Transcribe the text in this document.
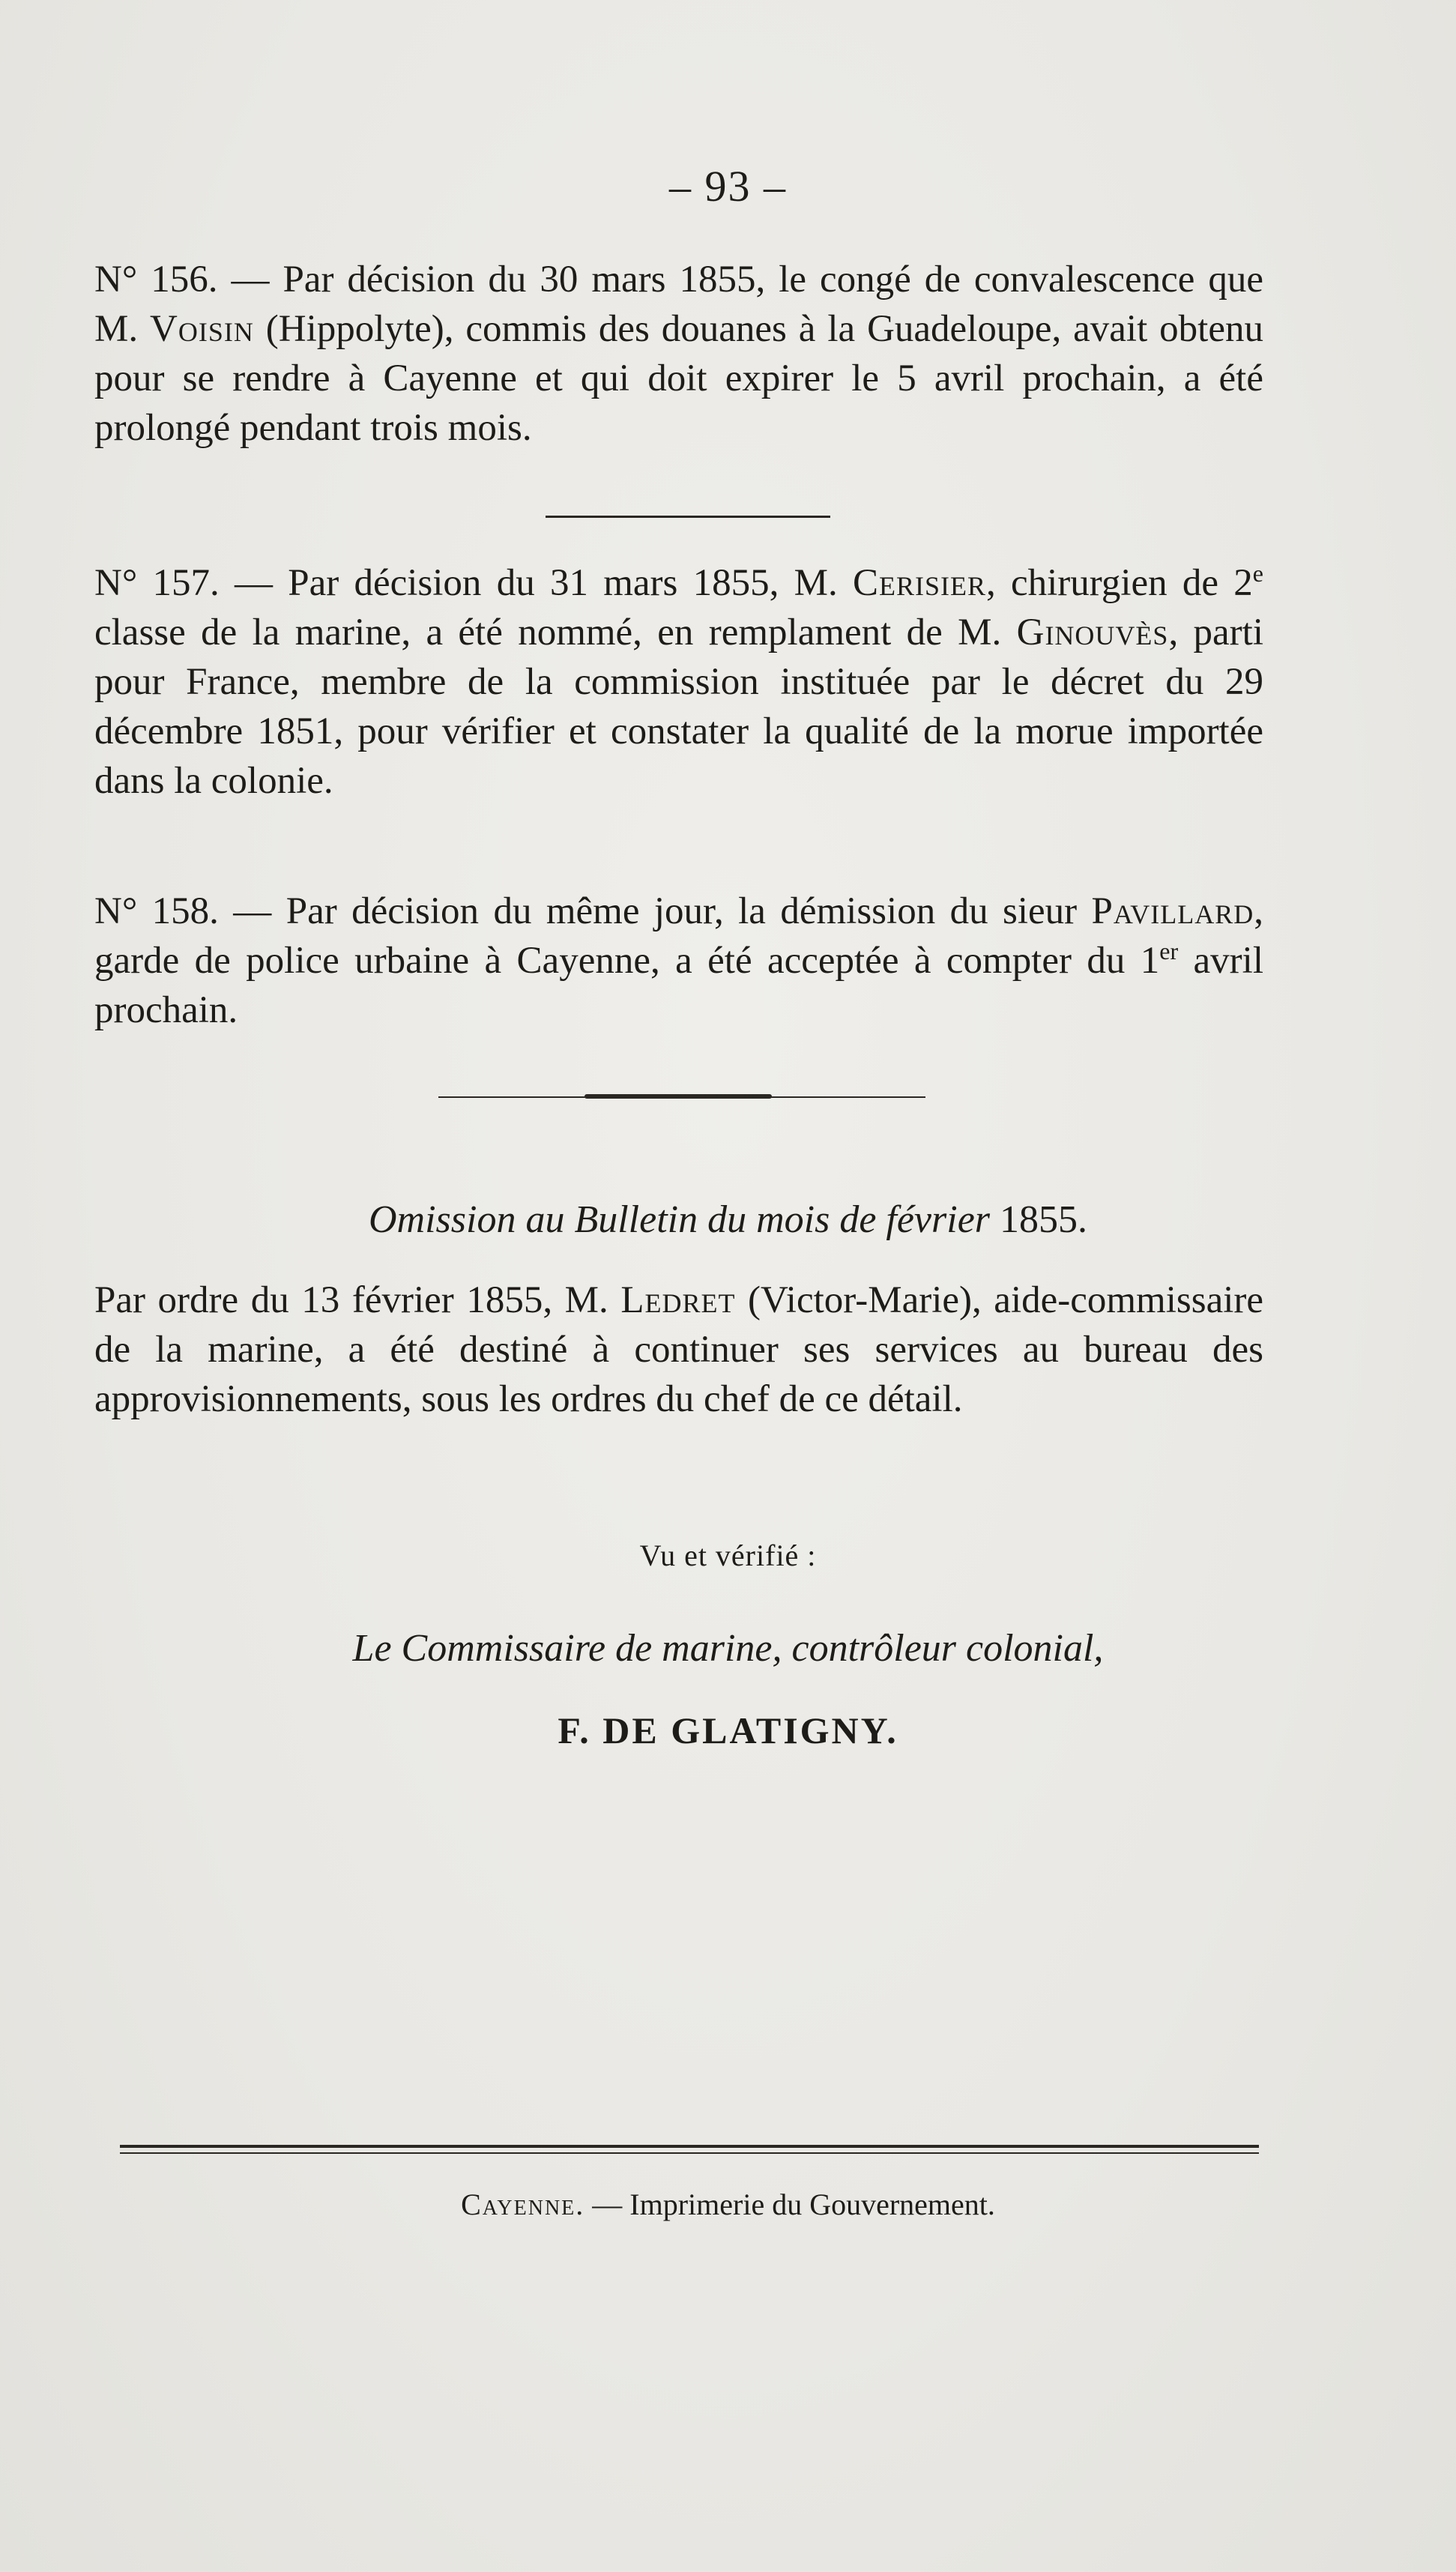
– 93 –
N° 156. — Par décision du 30 mars 1855, le congé de convalescence que M. Voisin (Hippolyte), commis des douanes à la Guadeloupe, avait obtenu pour se rendre à Cayenne et qui doit expirer le 5 avril prochain, a été prolongé pendant trois mois.
N° 157. — Par décision du 31 mars 1855, M. Cerisier, chirurgien de 2e classe de la marine, a été nommé, en remplament de M. Ginouvès, parti pour France, membre de la commission instituée par le décret du 29 décembre 1851, pour vérifier et constater la qualité de la morue importée dans la colonie.
N° 158. — Par décision du même jour, la démission du sieur Pavillard, garde de police urbaine à Cayenne, a été acceptée à compter du 1er avril prochain.
Omission au Bulletin du mois de février 1855.
Par ordre du 13 février 1855, M. Ledret (Victor-Marie), aide-commissaire de la marine, a été destiné à continuer ses services au bureau des approvisionnements, sous les ordres du chef de ce détail.
Vu et vérifié :
Le Commissaire de marine, contrôleur colonial,
F. DE GLATIGNY.
Cayenne. — Imprimerie du Gouvernement.
